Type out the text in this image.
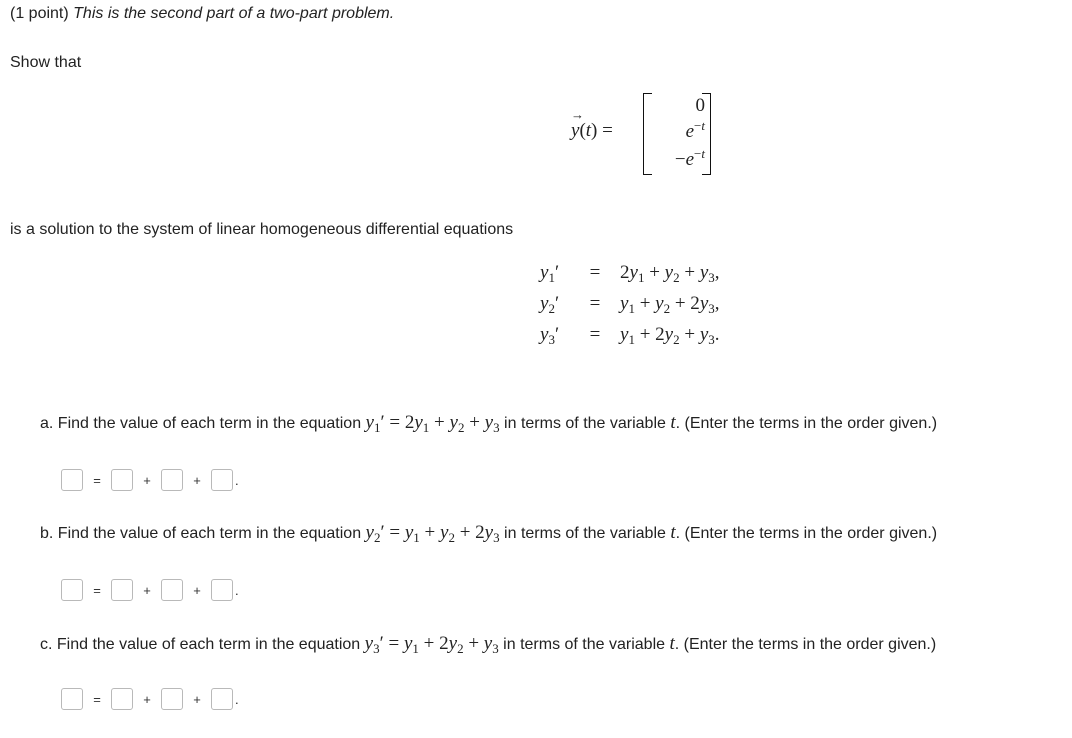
(1 point) This is the second part of a two-part problem.
Show that
y →(t) =
0
$e^{-t}$
$-e^{-t}$
is a solution to the system of linear homogeneous differential equations
$y_1'$	= $2y_1 + y_2 + y_3$,
$y_2'$	= $y_1 + y_2 + 2y_3$,
$y_3'$	= $y_1 + 2y_2 + y_3$.
a. Find the value of each term in the equation $y_1' = 2y_1 + y_2 + y_3$ in terms of the variable t. (Enter the terms in the order given.)
=	+	+	.
b. Find the value of each term in the equation $y_2' = y_1 + y_2 + 2y_3$ in terms of the variable t. (Enter the terms in the order given.)
=	+	+	.
c. Find the value of each term in the equation $y_3' = y_1 + 2y_2 + y_3$ in terms of the variable t. (Enter the terms in the order given.)
=	+	+	.
